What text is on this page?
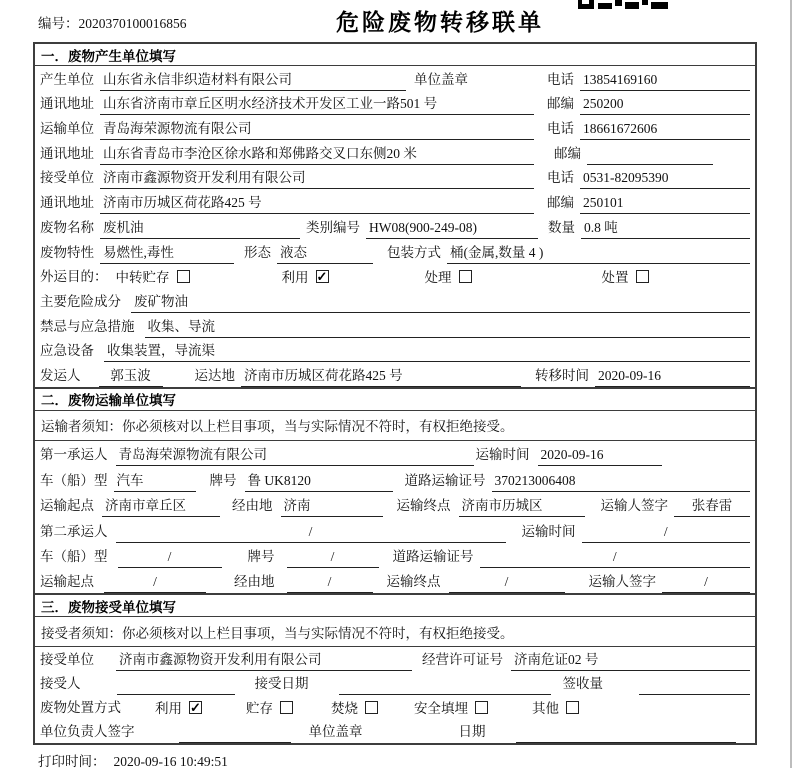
编号：2020370100016856	危险废物转移联单
一．废物产生单位填写
产生单位 山东省永信非织造材料有限公司	单位盖章	电话 13854169160
通讯地址 山东省济南市章丘区明水经济技术开发区工业一路501 号	邮编 250200
运输单位 青岛海荣源物流有限公司	电话 18661672606
通讯地址 山东省青岛市李沧区徐水路和郑佛路交叉口东侧20 米	邮编
接受单位 济南市鑫源物资开发利用有限公司	电话 0531-82095390
通讯地址 济南市历城区荷花路425 号	邮编 250101
废物名称 废机油	类别编号 HW08(900-249-08)	数量 0.8 吨
废物特性 易燃性,毒性	形态 液态	包装方式 桶(金属,数量 4 )
外运目的： 中转贮存	利用 ✓	处理	处置
主要危险成分 废矿物油
禁忌与应急措施 收集、导流
应急设备 收集装置，导流渠
发运人	郭玉波	运达地 济南市历城区荷花路425 号	转移时间 2020-09-16
二．废物运输单位填写
运输者须知：你必须核对以上栏目事项，当与实际情况不符时，有权拒绝接受。
第一承运人 青岛海荣源物流有限公司	运输时间 2020-09-16
车（船）型 汽车	牌号 鲁 UK8120	道路运输证号 370213006408
运输起点 济南市章丘区	经由地 济南	运输终点 济南市历城区	运输人签字	张春雷
第二承运人	/	运输时间	/
车（船）型	/	牌号	/	道路运输证号	/
运输起点	/	经由地	/	运输终点	/	运输人签字	/
三．废物接受单位填写
接受者须知：你必须核对以上栏目事项，当与实际情况不符时，有权拒绝接受。
接受单位 济南市鑫源物资开发利用有限公司	经营许可证号 济南危证02 号
接受人	接受日期	签收量
废物处置方式	利用 ✓	贮存	焚烧	安全填埋	其他
单位负责人签字	单位盖章	日期
打印时间： 2020-09-16 10:49:51
